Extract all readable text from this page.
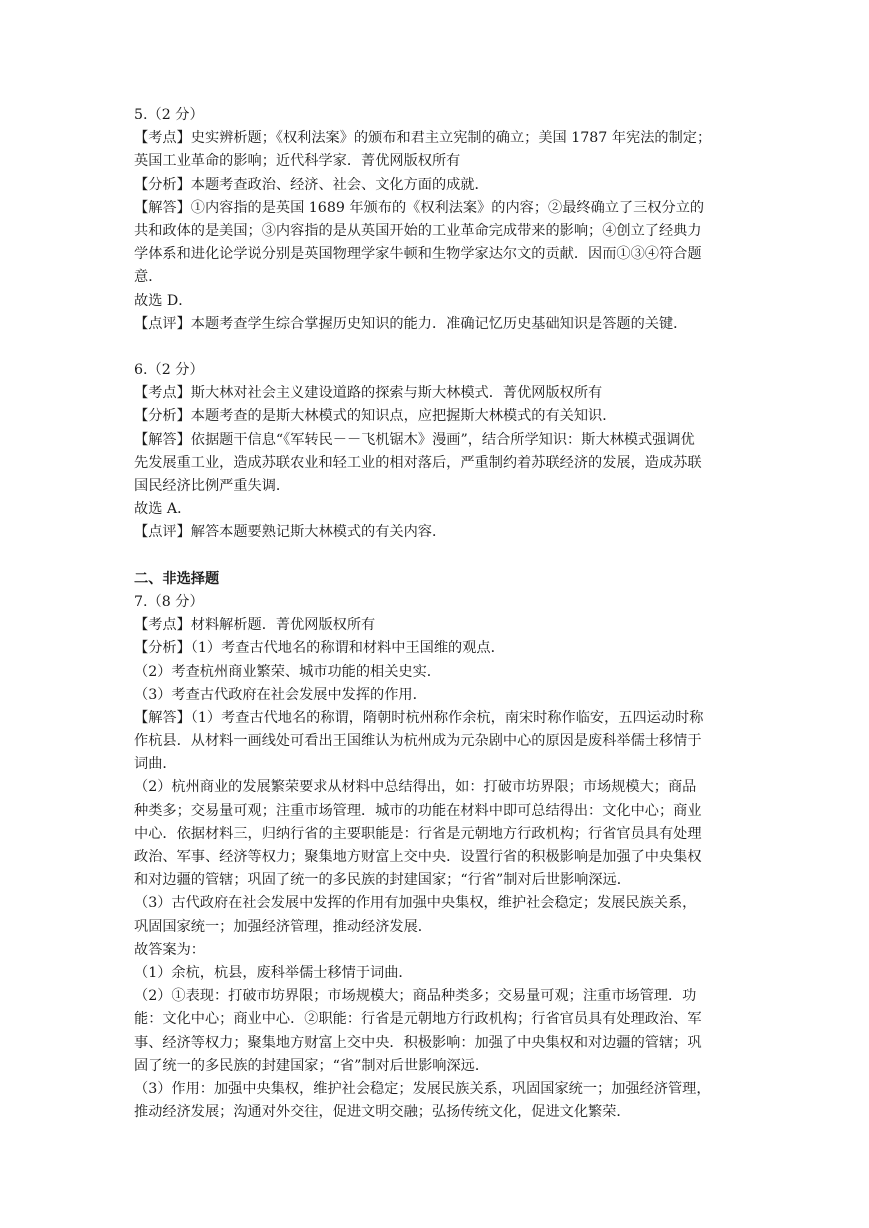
5.（2 分）
【考点】史实辨析题；《权利法案》的颁布和君主立宪制的确立；美国 1787 年宪法的制定；
英国工业革命的影响；近代科学家．菁优网版权所有
【分析】本题考查政治、经济、社会、文化方面的成就．
【解答】①内容指的是英国 1689 年颁布的《权利法案》的内容；②最终确立了三权分立的
共和政体的是美国；③内容指的是从英国开始的工业革命完成带来的影响；④创立了经典力
学体系和进化论学说分别是英国物理学家牛顿和生物学家达尔文的贡献．因而①③④符合题
意．
故选 D．
【点评】本题考查学生综合掌握历史知识的能力．准确记忆历史基础知识是答题的关键．
6.（2 分）
【考点】斯大林对社会主义建设道路的探索与斯大林模式．菁优网版权所有
【分析】本题考查的是斯大林模式的知识点，应把握斯大林模式的有关知识．
【解答】依据题干信息“《军转民－－飞机锯木》漫画”，结合所学知识：斯大林模式强调优
先发展重工业，造成苏联农业和轻工业的相对落后，严重制约着苏联经济的发展，造成苏联
国民经济比例严重失调．
故选 A．
【点评】解答本题要熟记斯大林模式的有关内容．
二、非选择题
7.（8 分）
【考点】材料解析题．菁优网版权所有
【分析】（1）考查古代地名的称谓和材料中王国维的观点．
（2）考查杭州商业繁荣、城市功能的相关史实．
（3）考查古代政府在社会发展中发挥的作用．
【解答】（1）考查古代地名的称谓，隋朝时杭州称作余杭，南宋时称作临安，五四运动时称
作杭县．从材料一画线处可看出王国维认为杭州成为元杂剧中心的原因是废科举儒士移情于
词曲．
（2）杭州商业的发展繁荣要求从材料中总结得出，如：打破市坊界限；市场规模大；商品
种类多；交易量可观；注重市场管理．城市的功能在材料中即可总结得出：文化中心；商业
中心．依据材料三，归纳行省的主要职能是：行省是元朝地方行政机构；行省官员具有处理
政治、军事、经济等权力；聚集地方财富上交中央．设置行省的积极影响是加强了中央集权
和对边疆的管辖；巩固了统一的多民族的封建国家；“行省”制对后世影响深远．
（3）古代政府在社会发展中发挥的作用有加强中央集权，维护社会稳定；发展民族关系，
巩固国家统一；加强经济管理，推动经济发展．
故答案为：
（1）余杭，杭县，废科举儒士移情于词曲．
（2）①表现：打破市坊界限；市场规模大；商品种类多；交易量可观；注重市场管理．功
能：文化中心；商业中心．②职能：行省是元朝地方行政机构；行省官员具有处理政治、军
事、经济等权力；聚集地方财富上交中央．积极影响：加强了中央集权和对边疆的管辖；巩
固了统一的多民族的封建国家；“省”制对后世影响深远．
（3）作用：加强中央集权，维护社会稳定；发展民族关系，巩固国家统一；加强经济管理，
推动经济发展；沟通对外交往，促进文明交融；弘扬传统文化，促进文化繁荣．
